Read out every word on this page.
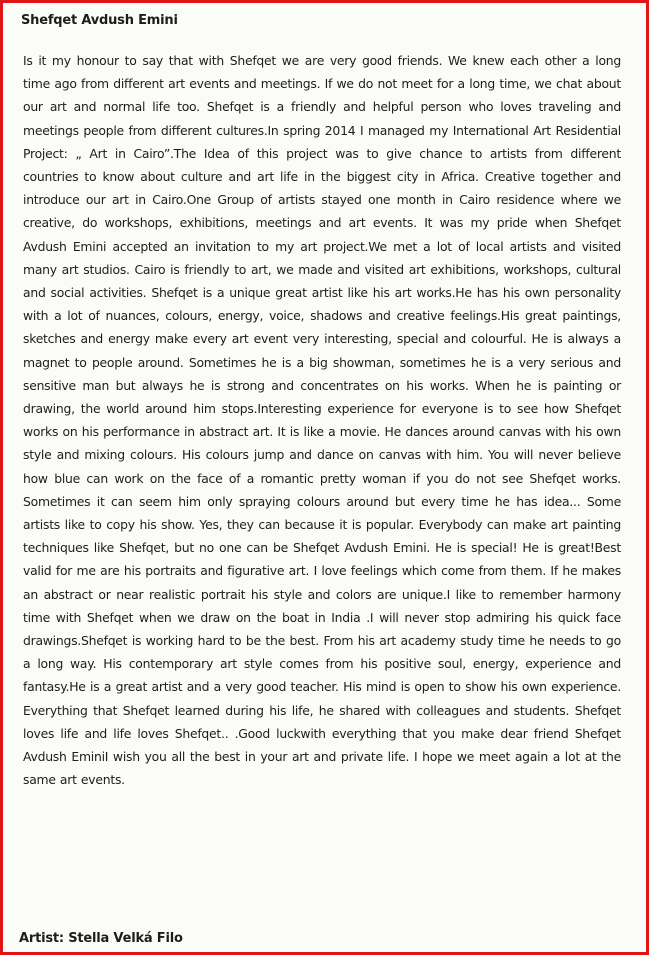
Shefqet Avdush Emini
Is it my honour to say that with Shefqet we are very good friends. We knew each other a long time ago from different art events and meetings. If we do not meet for a long time, we chat about our art and normal life too. Shefqet is a friendly and helpful person who loves traveling and meetings people from different cultures.In spring 2014 I managed my International Art Residential Project: „ Art in Cairo”.The Idea of this project was to give chance to artists from different countries to know about culture and art life in the biggest city in Africa. Creative together and introduce our art in Cairo.One Group of artists stayed one month in Cairo residence where we creative, do workshops, exhibitions, meetings and art events. It was my pride when Shefqet Avdush Emini accepted an invitation to my art project.We met a lot of local artists and visited many art studios. Cairo is friendly to art, we made and visited art exhibitions, workshops, cultural and social activities. Shefqet is a unique great artist like his art works.He has his own personality with a lot of nuances, colours, energy, voice, shadows and creative feelings.His great paintings, sketches and energy make every art event very interesting, special and colourful. He is always a magnet to people around. Sometimes he is a big showman, sometimes he is a very serious and sensitive man but always he is strong and concentrates on his works. When he is painting or drawing, the world around him stops.Interesting experience for everyone is to see how Shefqet works on his performance in abstract art. It is like a movie. He dances around canvas with his own style and mixing colours. His colours jump and dance on canvas with him. You will never believe how blue can work on the face of a romantic pretty woman if you do not see Shefqet works. Sometimes it can seem him only spraying colours around but every time he has idea... Some artists like to copy his show. Yes, they can because it is popular. Everybody can make art painting techniques like Shefqet, but no one can be Shefqet Avdush Emini. He is special! He is great!Best valid for me are his portraits and figurative art. I love feelings which come from them. If he makes an abstract or near realistic portrait his style and colors are unique.I like to remember harmony time with Shefqet when we draw on the boat in India .I will never stop admiring his quick face drawings.Shefqet is working hard to be the best. From his art academy study time he needs to go a long way. His contemporary art style comes from his positive soul, energy, experience and fantasy.He is a great artist and a very good teacher. His mind is open to show his own experience. Everything that Shefqet learned during his life, he shared with colleagues and students. Shefqet loves life and life loves Shefqet.. .Good luckwith everything that you make dear friend Shefqet Avdush EminiI wish you all the best in your art and private life. I hope we meet again a lot at the same art events.
Artist: Stella Velká Filo
